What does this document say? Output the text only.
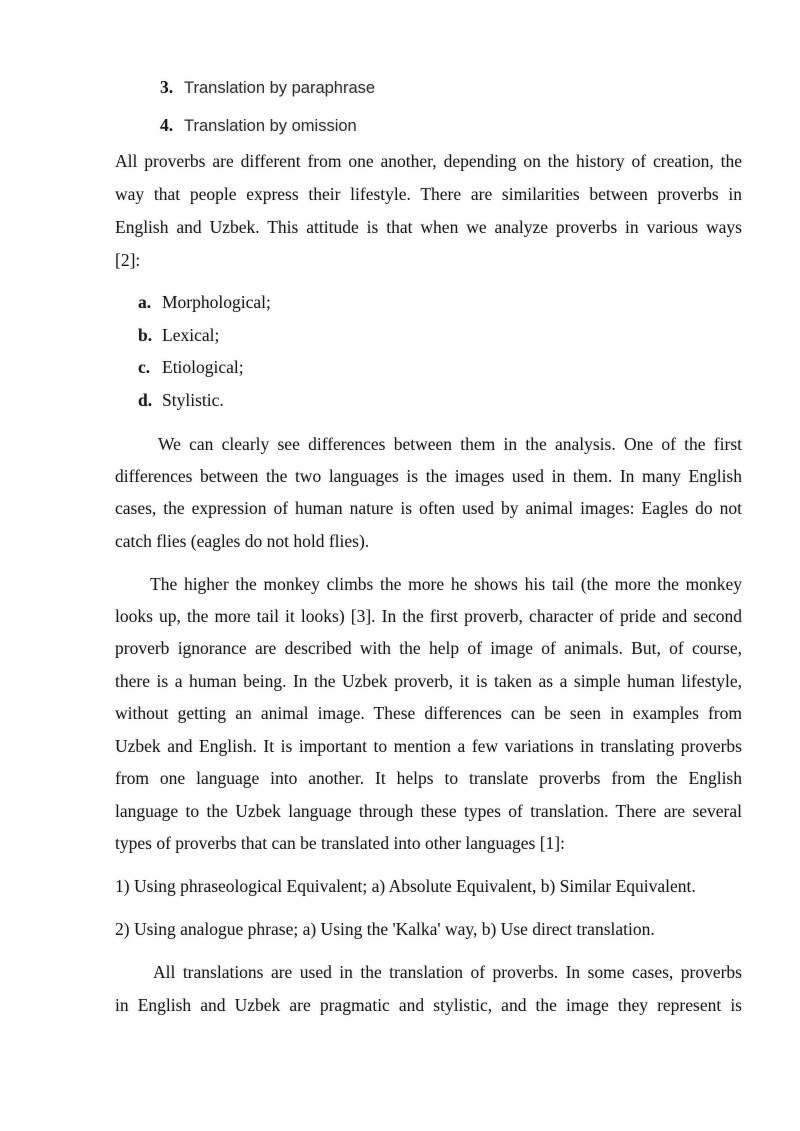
3. Translation by paraphrase
4. Translation by omission
All proverbs are different from one another, depending on the history of creation, the
way that people express their lifestyle. There are similarities between proverbs in
English and Uzbek. This attitude is that when we analyze proverbs in various ways
[2]:
a. Morphological;
b. Lexical;
c. Etiological;
d. Stylistic.
We can clearly see differences between them in the analysis. One of the first
differences between the two languages is the images used in them. In many English
cases, the expression of human nature is often used by animal images: Eagles do not
catch flies (eagles do not hold flies).
The higher the monkey climbs the more he shows his tail (the more the monkey
looks up, the more tail it looks) [3]. In the first proverb, character of pride and second
proverb ignorance are described with the help of image of animals. But, of course,
there is a human being. In the Uzbek proverb, it is taken as a simple human lifestyle,
without getting an animal image. These differences can be seen in examples from
Uzbek and English. It is important to mention a few variations in translating proverbs
from one language into another. It helps to translate proverbs from the English
language to the Uzbek language through these types of translation. There are several
types of proverbs that can be translated into other languages [1]:
1) Using phraseological Equivalent; a) Absolute Equivalent, b) Similar Equivalent.
2) Using analogue phrase; a) Using the 'Kalka' way, b) Use direct translation.
All translations are used in the translation of proverbs. In some cases, proverbs
in English and Uzbek are pragmatic and stylistic, and the image they represent is
